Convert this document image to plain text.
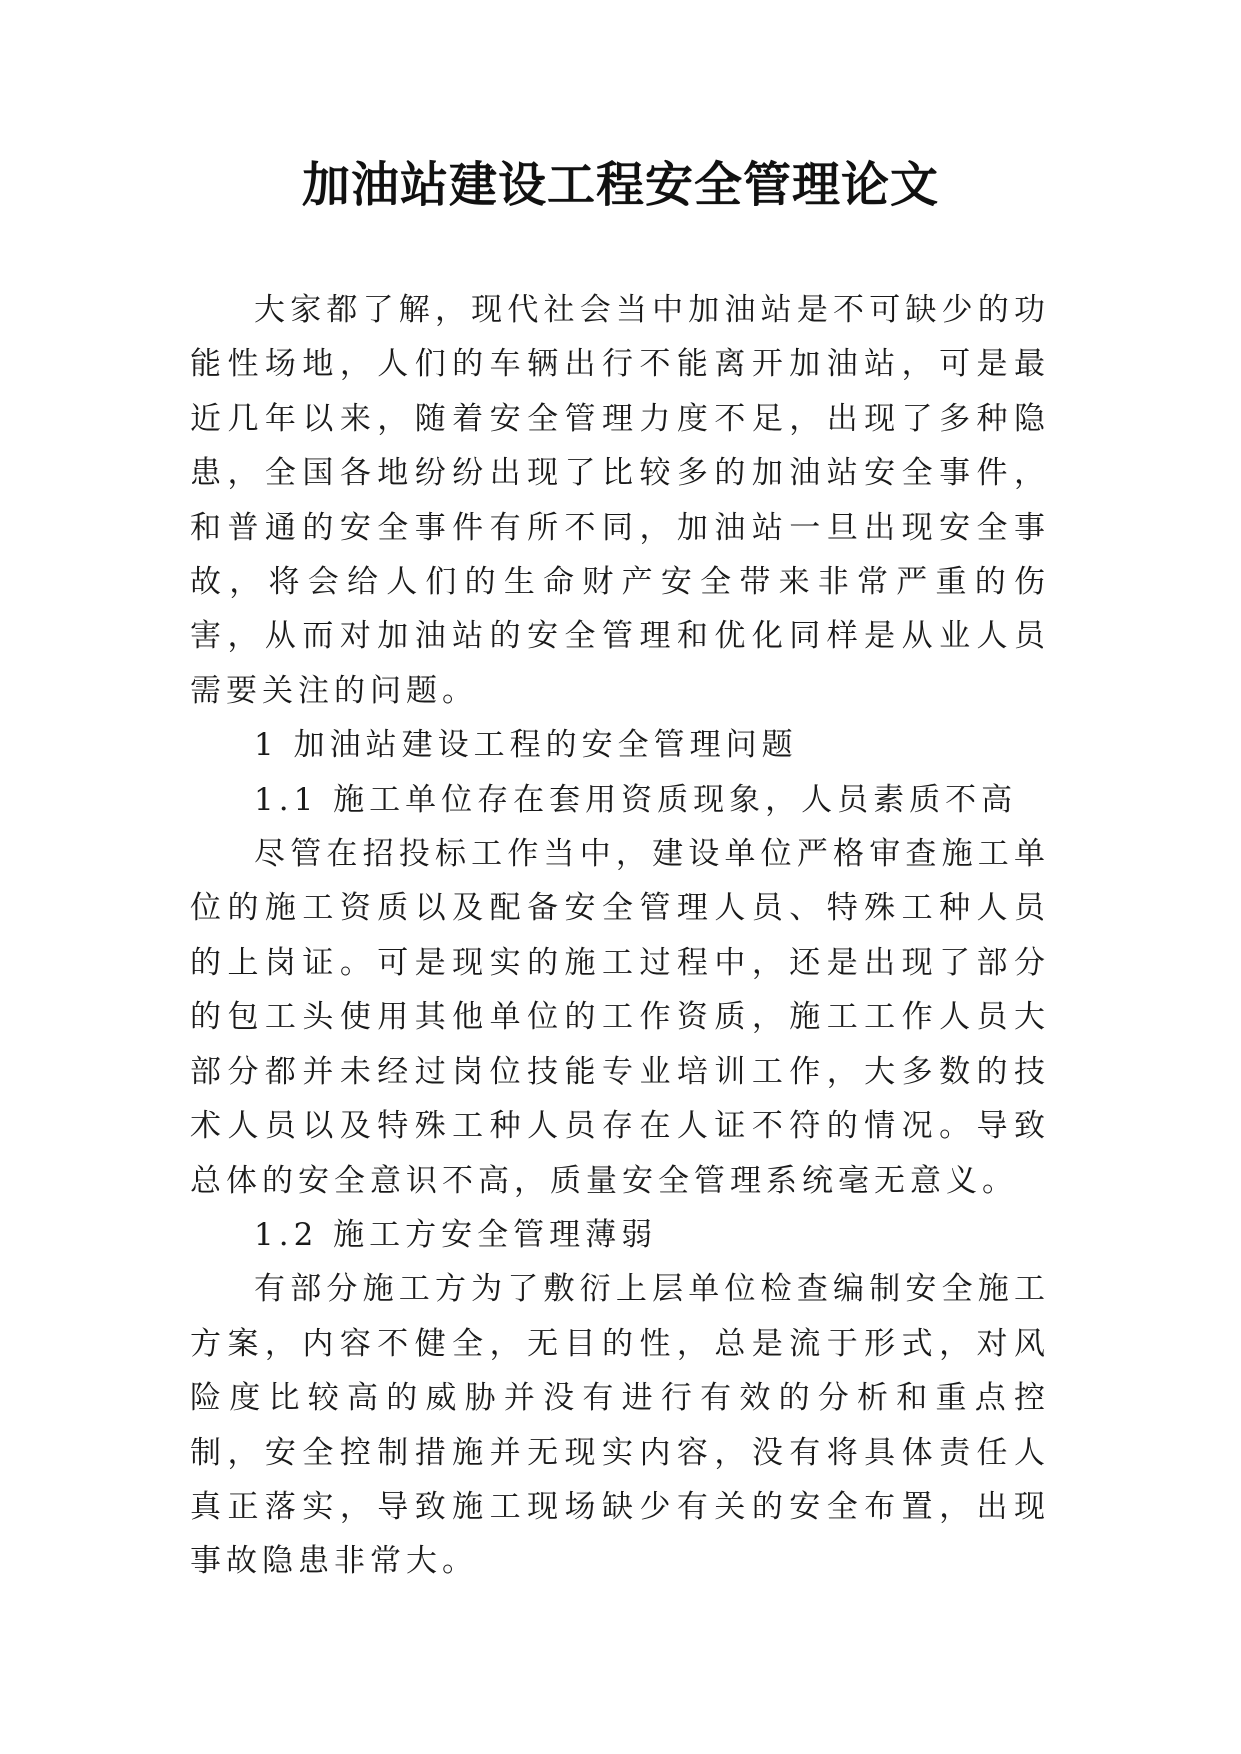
加油站建设工程安全管理论文

大家都了解，现代社会当中加油站是不可缺少的功能性场地，人们的车辆出行不能离开加油站，可是最近几年以来，随着安全管理力度不足，出现了多种隐患，全国各地纷纷出现了比较多的加油站安全事件，和普通的安全事件有所不同，加油站一旦出现安全事故，将会给人们的生命财产安全带来非常严重的伤害，从而对加油站的安全管理和优化同样是从业人员需要关注的问题。

1 加油站建设工程的安全管理问题

1.1 施工单位存在套用资质现象，人员素质不高

尽管在招投标工作当中，建设单位严格审查施工单位的施工资质以及配备安全管理人员、特殊工种人员的上岗证。可是现实的施工过程中，还是出现了部分的包工头使用其他单位的工作资质，施工工作人员大部分都并未经过岗位技能专业培训工作，大多数的技术人员以及特殊工种人员存在人证不符的情况。导致总体的安全意识不高，质量安全管理系统毫无意义。

1.2 施工方安全管理薄弱

有部分施工方为了敷衍上层单位检查编制安全施工方案，内容不健全，无目的性，总是流于形式，对风险度比较高的威胁并没有进行有效的分析和重点控制，安全控制措施并无现实内容，没有将具体责任人真正落实，导致施工现场缺少有关的安全布置，出现事故隐患非常大。
